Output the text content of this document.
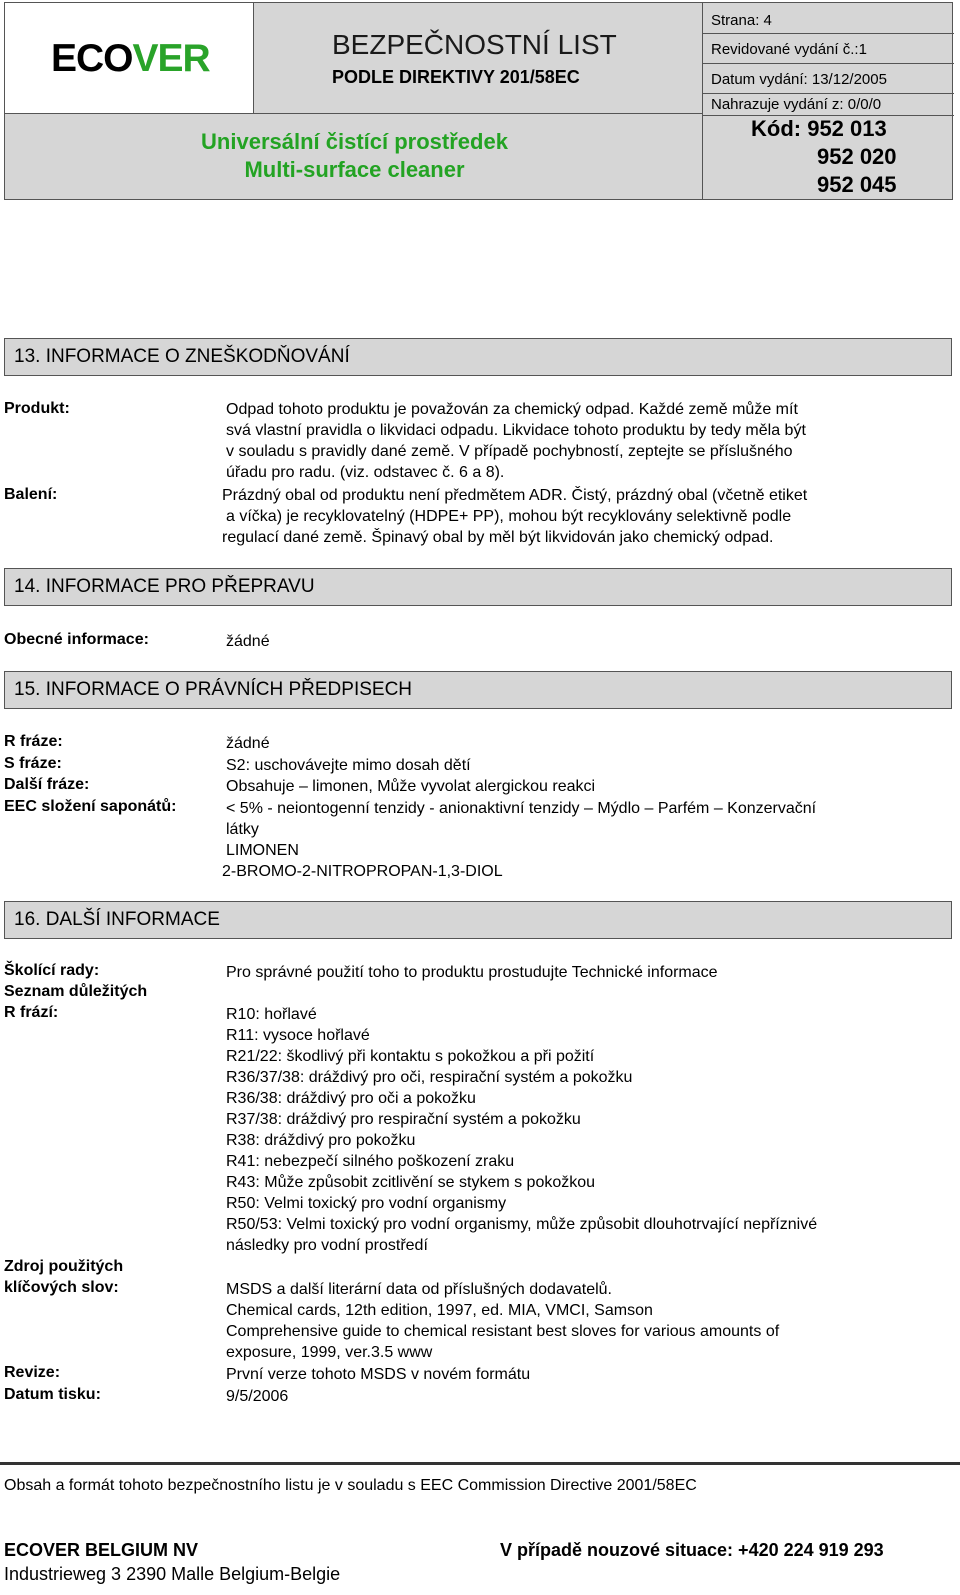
ECOVER	BEZPEČNOSTNÍ LIST
PODLE DIREKTIVY 201/58EC
Universální čistící prostředek
Multi-surface cleaner
Strana: 4
Revidované vydání č.:1
Datum vydání: 13/12/2005
Nahrazuje vydání z: 0/0/0
Kód: 952 013
952 020
952 045
13. INFORMACE O ZNEŠKODŇOVÁNÍ
Produkt:	Odpad tohoto produktu je považován za chemický odpad. Každé země může mít
svá vlastní pravidla o likvidaci odpadu. Likvidace tohoto produktu by tedy měla být
v souladu s pravidly dané země. V případě pochybností, zeptejte se příslušného
úřadu pro radu. (viz. odstavec č. 6 a 8).
Balení:	Prázdný obal od produktu není předmětem ADR. Čistý, prázdný obal (včetně etiket
a víčka) je recyklovatelný (HDPE+ PP), mohou být recyklovány selektivně podle
regulací dané země. Špinavý obal by měl být likvidován jako chemický odpad.
14. INFORMACE PRO PŘEPRAVU
Obecné informace:	žádné
15. INFORMACE O PRÁVNÍCH PŘEDPISECH
R fráze:	žádné
S fráze:	S2: uschovávejte mimo dosah dětí
Další fráze:	Obsahuje – limonen, Může vyvolat alergickou reakci
EEC složení saponátů:	< 5% - neiontogenní tenzidy - anionaktivní tenzidy – Mýdlo – Parfém – Konzervační
látky
LIMONEN
2-BROMO-2-NITROPROPAN-1,3-DIOL
16. DALŠÍ INFORMACE
Školící rady:	Pro správné použití toho to produktu prostudujte Technické informace
Seznam důležitých
R frází:	R10: hořlavé
R11: vysoce hořlavé
R21/22: škodlivý při kontaktu s pokožkou a při požití
R36/37/38: dráždivý pro oči, respirační systém a pokožku
R36/38: dráždivý pro oči a pokožku
R37/38: dráždivý pro respirační systém a pokožku
R38: dráždivý pro pokožku
R41: nebezpečí silného poškození zraku
R43: Může způsobit zcitlivění se stykem s pokožkou
R50: Velmi toxický pro vodní organismy
R50/53: Velmi toxický pro vodní organismy, může způsobit dlouhotrvající nepříznivé
následky pro vodní prostředí
Zdroj použitých
klíčových slov:	MSDS a další literární data od příslušných dodavatelů.
Chemical cards, 12th edition, 1997, ed. MIA, VMCI, Samson
Comprehensive guide to chemical resistant best sloves for various amounts of
exposure, 1999, ver.3.5 www
Revize:	První verze tohoto MSDS v novém formátu
Datum tisku:	9/5/2006
Obsah a formát tohoto bezpečnostního listu je v souladu s EEC Commission Directive 2001/58EC
ECOVER BELGIUM NV	V případě nouzové situace: +420 224 919 293
Industrieweg 3 2390 Malle Belgium-Belgie
